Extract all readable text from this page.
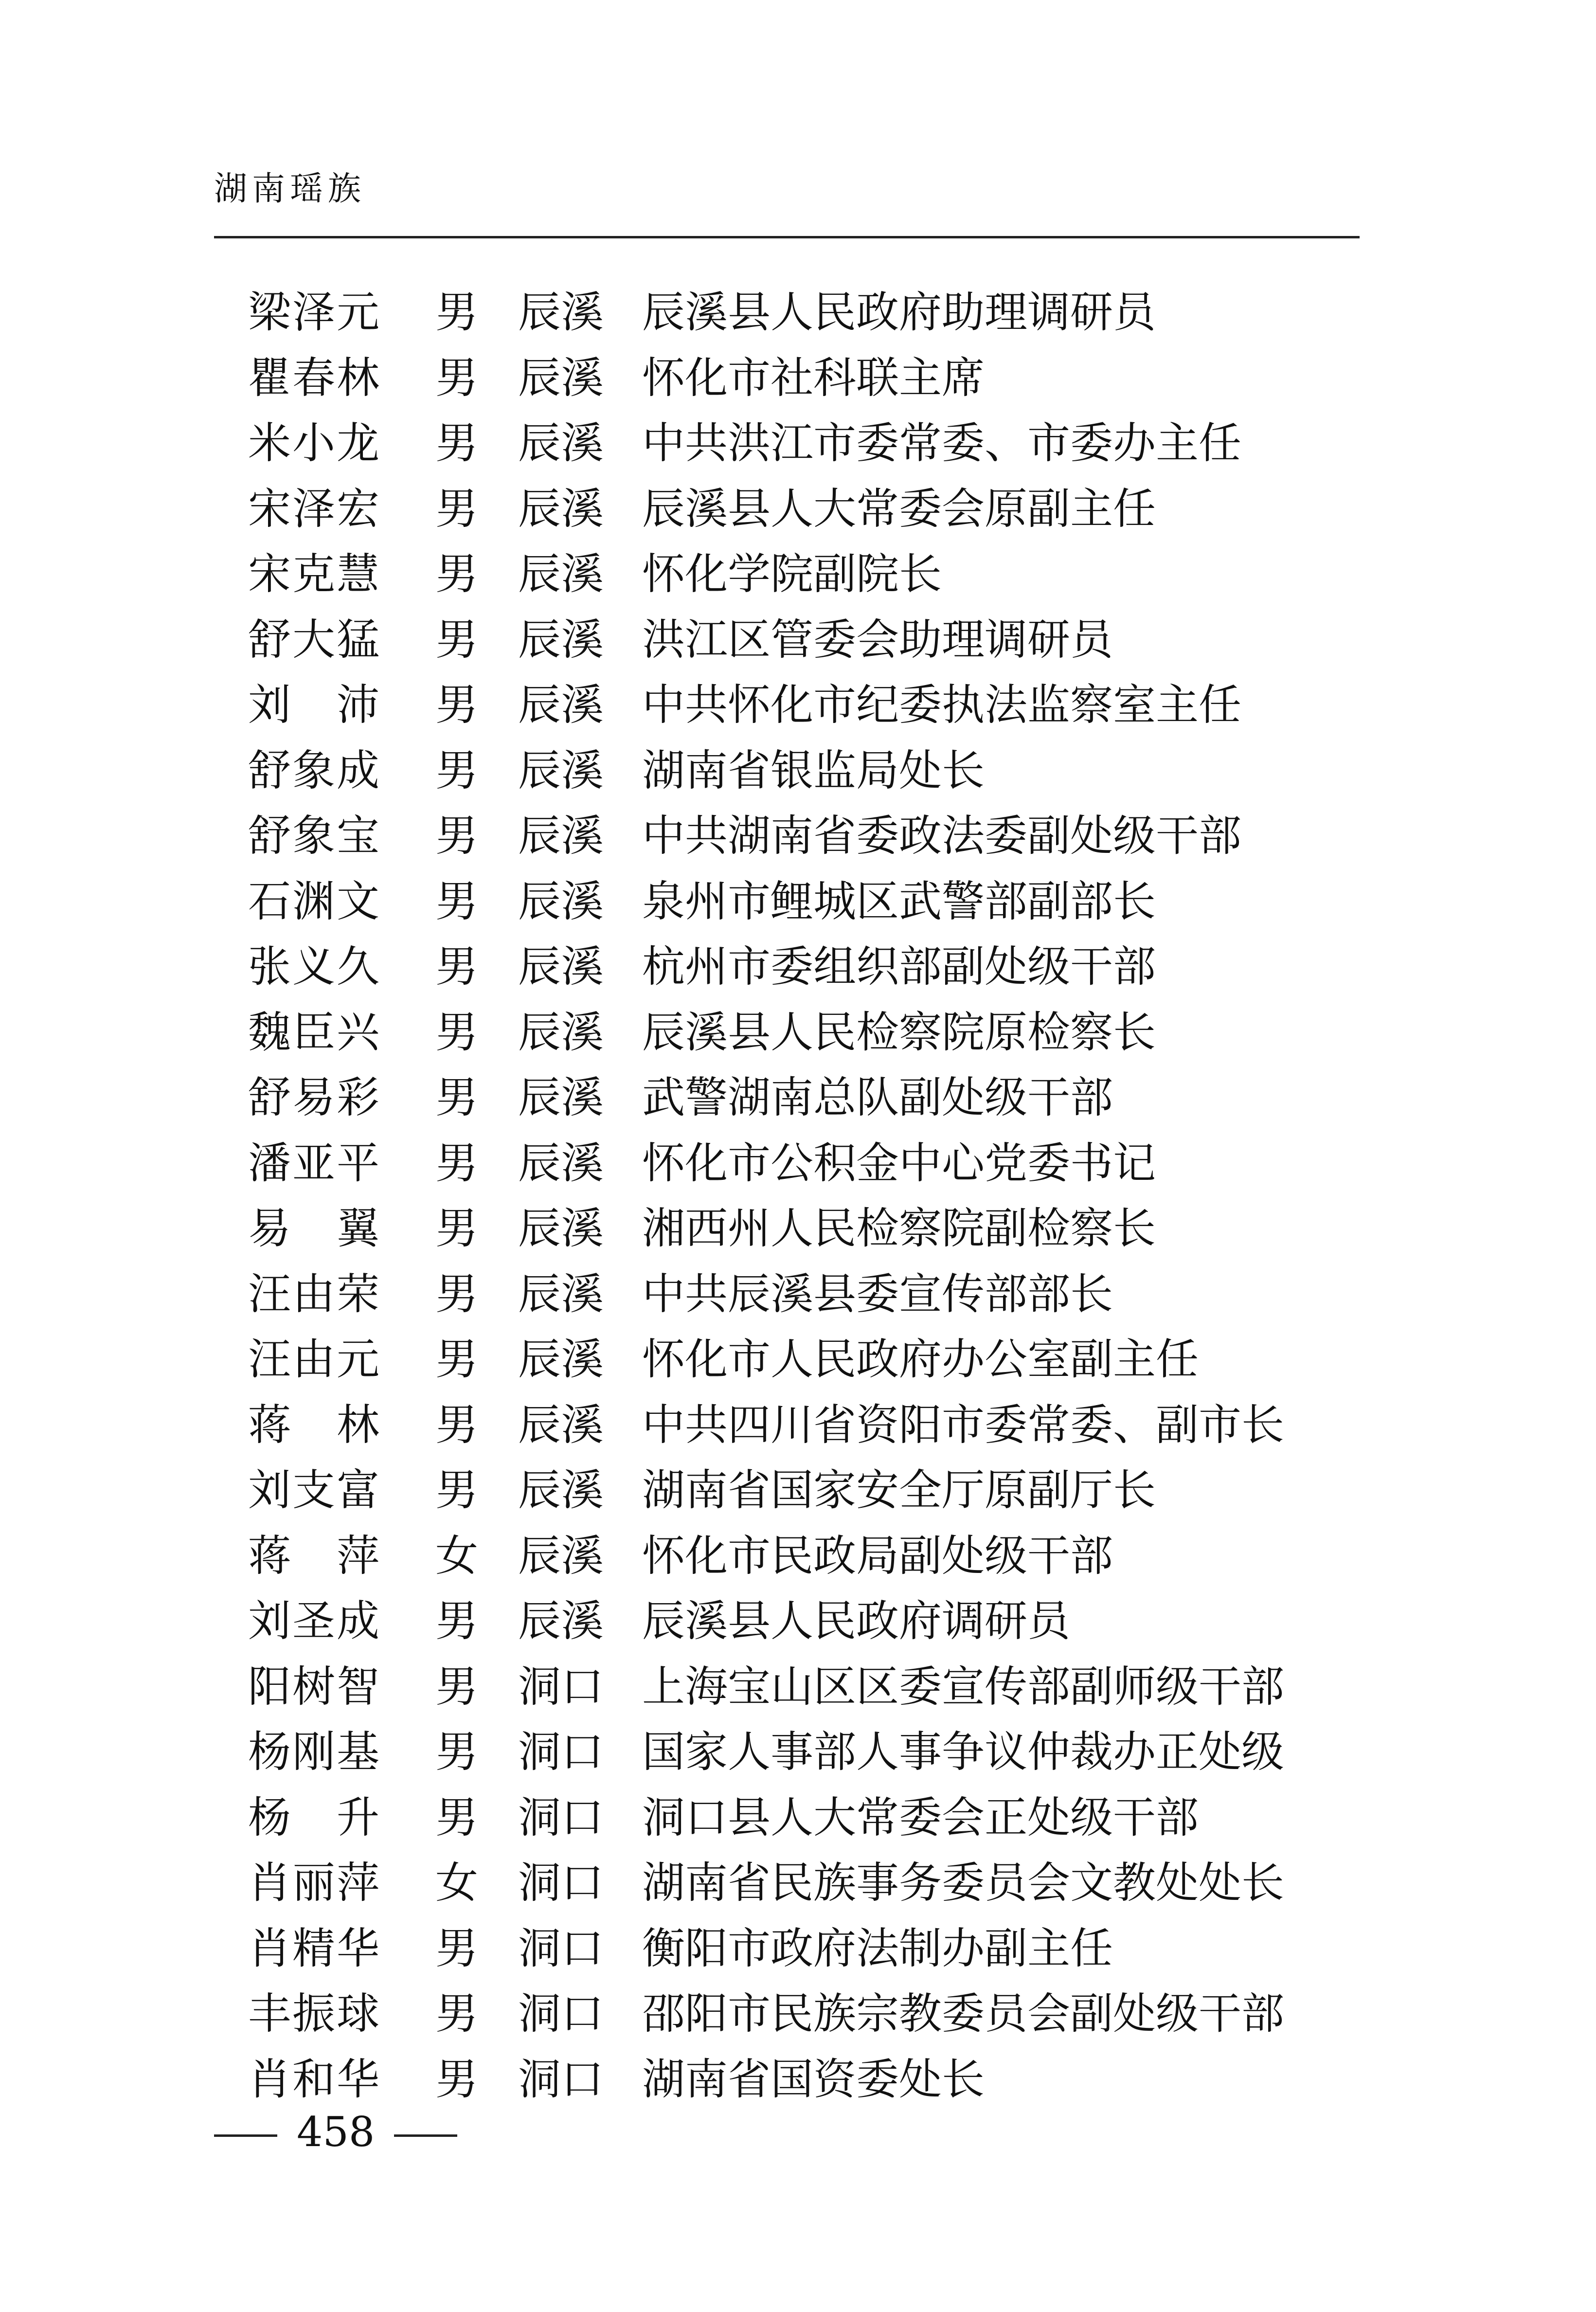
湖南瑶族
梁泽元 男 辰溪 辰溪县人民政府助理调研员
瞿春林 男 辰溪 怀化市社科联主席
米小龙 男 辰溪 中共洪江市委常委、市委办主任
宋泽宏 男 辰溪 辰溪县人大常委会原副主任
宋克慧 男 辰溪 怀化学院副院长
舒大猛 男 辰溪 洪江区管委会助理调研员
刘　沛 男 辰溪 中共怀化市纪委执法监察室主任
舒象成 男 辰溪 湖南省银监局处长
舒象宝 男 辰溪 中共湖南省委政法委副处级干部
石渊文 男 辰溪 泉州市鲤城区武警部副部长
张义久 男 辰溪 杭州市委组织部副处级干部
魏臣兴 男 辰溪 辰溪县人民检察院原检察长
舒易彩 男 辰溪 武警湖南总队副处级干部
潘亚平 男 辰溪 怀化市公积金中心党委书记
易　翼 男 辰溪 湘西州人民检察院副检察长
汪由荣 男 辰溪 中共辰溪县委宣传部部长
汪由元 男 辰溪 怀化市人民政府办公室副主任
蒋　林 男 辰溪 中共四川省资阳市委常委、副市长
刘支富 男 辰溪 湖南省国家安全厅原副厅长
蒋　萍 女 辰溪 怀化市民政局副处级干部
刘圣成 男 辰溪 辰溪县人民政府调研员
阳树智 男 洞口 上海宝山区区委宣传部副师级干部
杨刚基 男 洞口 国家人事部人事争议仲裁办正处级
杨　升 男 洞口 洞口县人大常委会正处级干部
肖丽萍 女 洞口 湖南省民族事务委员会文教处处长
肖精华 男 洞口 衡阳市政府法制办副主任
丰振球 男 洞口 邵阳市民族宗教委员会副处级干部
肖和华 男 洞口 湖南省国资委处长
458
